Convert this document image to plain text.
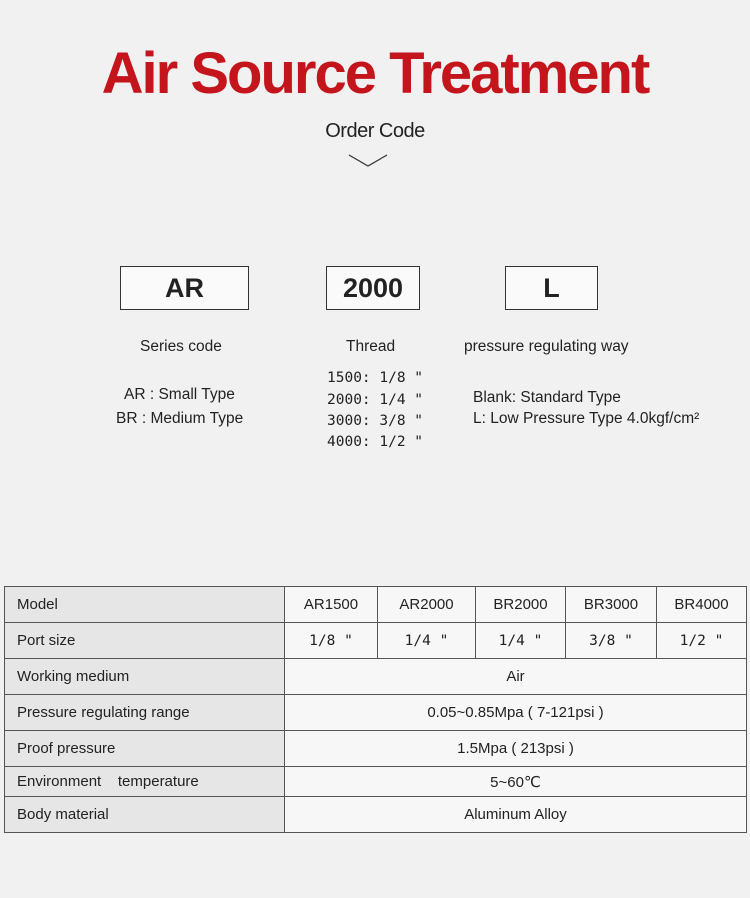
Air Source Treatment
Order Code
AR	2000	L
Series code	Thread	pressure regulating way
AR : Small Type
BR : Medium Type
1500: 1/8 "
2000: 1/4 "
3000: 3/8 "
4000: 1/2 "
Blank: Standard Type
L: Low Pressure Type 4.0kgf/cm²
Model	AR1500	AR2000	BR2000	BR3000	BR4000
Port size	1/8 "	1/4 "	1/4 "	3/8 "	1/2 "
Working medium	Air				
Pressure regulating range	0.05~0.85Mpa ( 7-121psi )				
Proof pressure	1.5Mpa ( 213psi )				
Environment    temperature	5~60℃				
Body material	Aluminum Alloy				
